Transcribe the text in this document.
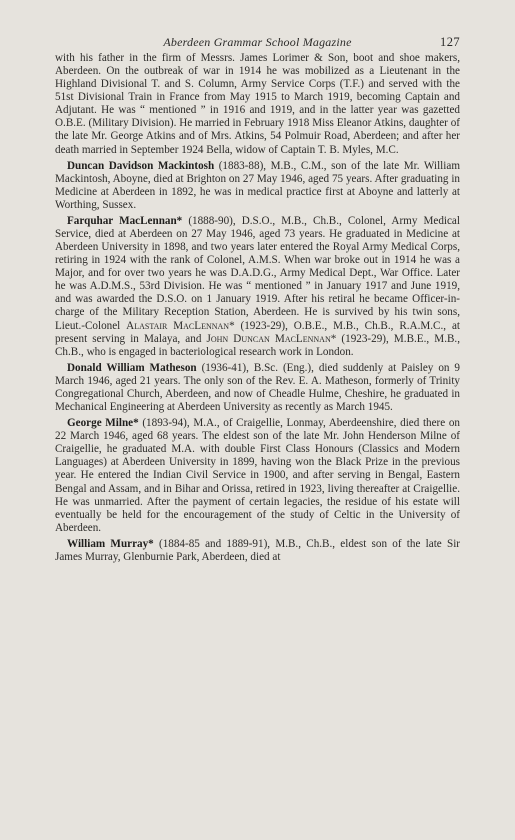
Aberdeen Grammar School Magazine	127

with his father in the firm of Messrs. James Lorimer & Son, boot and shoe makers, Aberdeen. On the outbreak of war in 1914 he was mobilized as a Lieutenant in the Highland Divisional T. and S. Column, Army Service Corps (T.F.) and served with the 51st Divisional Train in France from May 1915 to March 1919, becoming Captain and Adjutant. He was “ mentioned ” in 1916 and 1919, and in the latter year was gazetted O.B.E. (Military Division). He married in February 1918 Miss Eleanor Atkins, daughter of the late Mr. George Atkins and of Mrs. Atkins, 54 Polmuir Road, Aberdeen; and after her death married in September 1924 Bella, widow of Captain T. B. Myles, M.C.

Duncan Davidson Mackintosh (1883-88), M.B., C.M., son of the late Mr. William Mackintosh, Aboyne, died at Brighton on 27 May 1946, aged 75 years. After graduating in Medicine at Aberdeen in 1892, he was in medical practice first at Aboyne and latterly at Worthing, Sussex.

Farquhar MacLennan* (1888-90), D.S.O., M.B., Ch.B., Colonel, Army Medical Service, died at Aberdeen on 27 May 1946, aged 73 years. He graduated in Medicine at Aberdeen University in 1898, and two years later entered the Royal Army Medical Corps, retiring in 1924 with the rank of Colonel, A.M.S. When war broke out in 1914 he was a Major, and for over two years he was D.A.D.G., Army Medical Dept., War Office. Later he was A.D.M.S., 53rd Division. He was “ mentioned ” in January 1917 and June 1919, and was awarded the D.S.O. on 1 January 1919. After his retiral he became Officer-in-charge of the Military Reception Station, Aberdeen. He is survived by his twin sons, Lieut.-Colonel Alastair MacLennan* (1923-29), O.B.E., M.B., Ch.B., R.A.M.C., at present serving in Malaya, and John Duncan MacLennan* (1923-29), M.B.E., M.B., Ch.B., who is engaged in bacteriological research work in London.

Donald William Matheson (1936-41), B.Sc. (Eng.), died suddenly at Paisley on 9 March 1946, aged 21 years. The only son of the Rev. E. A. Matheson, formerly of Trinity Congregational Church, Aberdeen, and now of Cheadle Hulme, Cheshire, he graduated in Mechanical Engineering at Aberdeen University as recently as March 1945.

George Milne* (1893-94), M.A., of Craigellie, Lonmay, Aberdeenshire, died there on 22 March 1946, aged 68 years. The eldest son of the late Mr. John Henderson Milne of Craigellie, he graduated M.A. with double First Class Honours (Classics and Modern Languages) at Aberdeen University in 1899, having won the Black Prize in the previous year. He entered the Indian Civil Service in 1900, and after serving in Bengal, Eastern Bengal and Assam, and in Bihar and Orissa, retired in 1923, living thereafter at Craigellie. He was unmarried. After the payment of certain legacies, the residue of his estate will eventually be held for the encouragement of the study of Celtic in the University of Aberdeen.

William Murray* (1884-85 and 1889-91), M.B., Ch.B., eldest son of the late Sir James Murray, Glenburnie Park, Aberdeen, died at
